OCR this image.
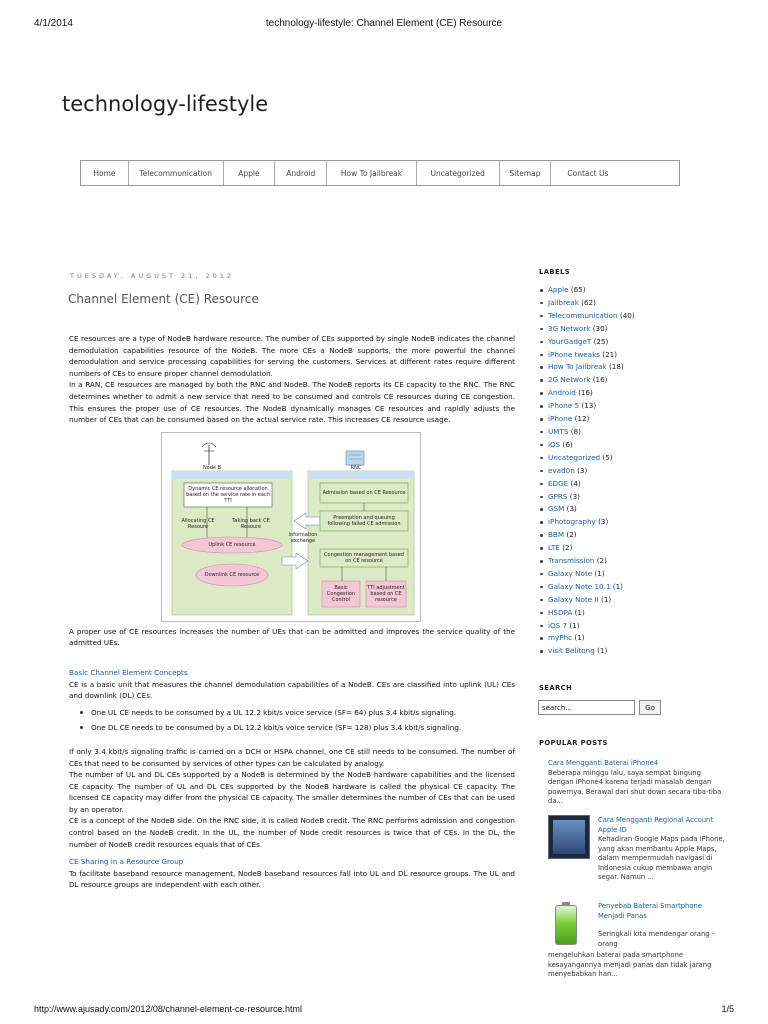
4/1/2014	technology-lifestyle: Channel Element (CE) Resource
technology-lifestyle
Home	Telecommunication	Apple	Android	How To Jailbreak	Uncategorized	Sitemap	Contact Us
TUESDAY, AUGUST 21, 2012
Channel Element (CE) Resource

CE resources are a type of NodeB hardware resource. The number of CEs supported by single NodeB indicates the channel demodulation capabilities resource of the NodeB. The more CEs a NodeB supports, the more powerful the channel demodulation and service processing capabilities for serving the customers. Services at different rates require different numbers of CEs to ensure proper channel demodulation.

In a RAN, CE resources are managed by both the RNC and NodeB. The NodeB reports its CE capacity to the RNC. The RNC determines whether to admit a new service that need to be consumed and controls CE resources during CE congestion. This ensures the proper use of CE resources. The NodeB dynamically manages CE resources and rapidly adjusts the number of CEs that can be consumed based on the actual service rate. This increases CE resource usage.

Node B	RNC
Dynamic CE resource allocation based on the service rate in each TTI
Allocating CE Resoure
Taking back CE Resoure
Uplink CE resource
Downlink CE resource
information exchange
Admission based on CE Resource
Preemption and queuing following failed CE admission
Congestion management based on CE resource
Basic Congestion Control
TTI adjustment based on CE resource

A proper use of CE resources increases the number of UEs that can be admitted and improves the service quality of the admitted UEs.

Basic Channel Element Concepts

CE is a basic unit that measures the channel demodulation capabilities of a NodeB. CEs are classified into uplink (UL) CEs and downlink (DL) CEs.

One UL CE needs to be consumed by a UL 12.2 kbit/s voice service (SF= 64) plus 3.4 kbit/s signaling.
One DL CE needs to be consumed by a DL 12.2 kbit/s voice service (SF= 128) plus 3.4 kbit/s signaling.

If only 3.4 kbit/s signaling traffic is carried on a DCH or HSPA channel, one CE still needs to be consumed. The number of CEs that need to be consumed by services of other types can be calculated by analogy.

The number of UL and DL CEs supported by a NodeB is determined by the NodeB hardware capabilities and the licensed CE capacity. The number of UL and DL CEs supported by the NodeB hardware is called the physical CE capacity. The licensed CE capacity may differ from the physical CE capacity. The smaller determines the number of CEs that can be used by an operator.

CE is a concept of the NodeB side. On the RNC side, it is called NodeB credit. The RNC performs admission and congestion control based on the NodeB credit. In the UL, the number of Node credit resources is twice that of CEs. In the DL, the number of NodeB credit resources equals that of CEs.

CE Sharing in a Resource Group

To facilitate baseband resource management, NodeB baseband resources fall into UL and DL resource groups. The UL and DL resource groups are independent with each other.

LABELS
Apple (65)
Jailbreak (62)
Telecommunication (40)
3G Network (30)
YourGadgeT (25)
iPhone tweaks (21)
How To Jailbreak (18)
2G Network (16)
Android (16)
iPhone 5 (13)
iPhone (12)
UMTS (8)
iOS (6)
Uncategorized (5)
evad0n (3)
EDGE (4)
GPRS (3)
GSM (3)
iPhotography (3)
BBM (2)
LTE (2)
Transmission (2)
Galaxy Note (1)
Galaxy Note 10.1 (1)
Galaxy Note II (1)
HSDPA (1)
iOS 7 (1)
myPhc (1)
visit Belitong (1)
SEARCH
search...
Go
POPULAR POSTS
Cara Mengganti Baterai iPhone4
Beberapa minggu lalu, saya sempat bingung dengan iPhone4 karena terjadi masalah dengan powernya. Berawal dari shut down secara tiba-tiba da...
Cara Mengganti Regional Account Apple ID
Kehadiran Google Maps pada iPhone, yang akan membantu Apple Maps, dalam mempermudah navigasi di Indonesia cukup membawa angin segar. Namun ...
Penyebab Baterai Smartphone Menjadi Panas
Seringkali kita mendengar orang - orang
mengeluhkan baterai pada smartphone kesayangannya menjadi panas dan tidak jarang menyebabkan han...
http://www.ajusady.com/2012/08/channel-element-ce-resource.html	1/5
